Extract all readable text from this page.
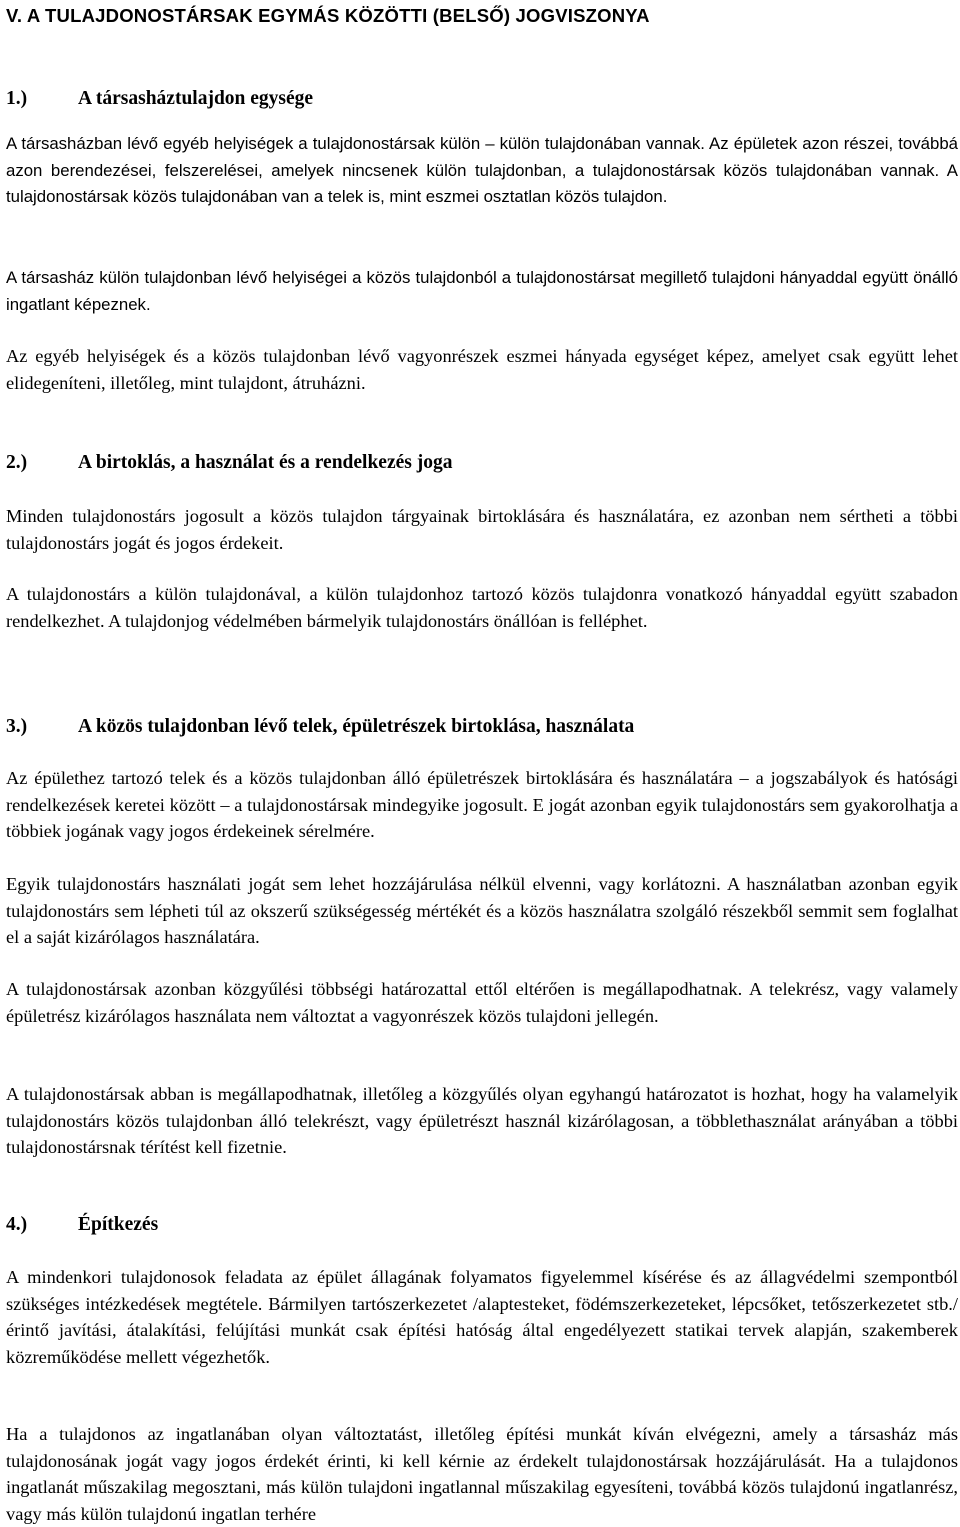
V. A TULAJDONOSTÁRSAK EGYMÁS KÖZÖTTI (BELSŐ) JOGVISZONYA
1.)	A társasháztulajdon egysége

A társasházban lévő egyéb helyiségek a tulajdonostársak külön – külön tulajdonában vannak. Az épületek azon részei, továbbá azon berendezései, felszerelései, amelyek nincsenek külön tulajdonban, a tulajdonostársak közös tulajdonában vannak. A tulajdonostársak közös tulajdonában van a telek is, mint eszmei osztatlan közös tulajdon.

A társasház külön tulajdonban lévő helyiségei a közös tulajdonból a tulajdonostársat megillető tulajdoni hányaddal együtt önálló ingatlant képeznek.

Az egyéb helyiségek és a közös tulajdonban lévő vagyonrészek eszmei hányada egységet képez, amelyet csak együtt lehet elidegeníteni, illetőleg, mint tulajdont, átruházni.

2.)	A birtoklás, a használat és a rendelkezés joga

Minden tulajdonostárs jogosult a közös tulajdon tárgyainak birtoklására és használatára, ez azonban nem sértheti a többi tulajdonostárs jogát és jogos érdekeit.

A tulajdonostárs a külön tulajdonával, a külön tulajdonhoz tartozó közös tulajdonra vonatkozó hányaddal együtt szabadon rendelkezhet. A tulajdonjog védelmében bármelyik tulajdonostárs önállóan is felléphet.

3.)	A közös tulajdonban lévő telek, épületrészek birtoklása, használata

Az épülethez tartozó telek és a közös tulajdonban álló épületrészek birtoklására és használatára – a jogszabályok és hatósági rendelkezések keretei között – a tulajdonostársak mindegyike jogosult. E jogát azonban egyik tulajdonostárs sem gyakorolhatja a többiek jogának vagy jogos érdekeinek sérelmére.

Egyik tulajdonostárs használati jogát sem lehet hozzájárulása nélkül elvenni, vagy korlátozni. A használatban azonban egyik tulajdonostárs sem lépheti túl az okszerű szükségesség mértékét és a közös használatra szolgáló részekből semmit sem foglalhat el a saját kizárólagos használatára.

A tulajdonostársak azonban közgyűlési többségi határozattal ettől eltérően is megállapodhatnak. A telekrész, vagy valamely épületrész kizárólagos használata nem változtat a vagyonrészek közös tulajdoni jellegén.

A tulajdonostársak abban is megállapodhatnak, illetőleg a közgyűlés olyan egyhangú határozatot is hozhat, hogy ha valamelyik tulajdonostárs közös tulajdonban álló telekrészt, vagy épületrészt használ kizárólagosan, a többlethasználat arányában a többi tulajdonostársnak térítést kell fizetnie.

4.)	Építkezés

A mindenkori tulajdonosok feladata az épület állagának folyamatos figyelemmel kísérése és az állagvédelmi szempontból szükséges intézkedések megtétele. Bármilyen tartószerkezetet /alaptesteket, födémszerkezeteket, lépcsőket, tetőszerkezetet stb./ érintő javítási, átalakítási, felújítási munkát csak építési hatóság által engedélyezett statikai tervek alapján, szakemberek közreműködése mellett végezhetők.

Ha a tulajdonos az ingatlanában olyan változtatást, illetőleg építési munkát kíván elvégezni, amely a társasház más tulajdonosának jogát vagy jogos érdekét érinti, ki kell kérnie az érdekelt tulajdonostársak hozzájárulását. Ha a tulajdonos ingatlanát műszakilag megosztani, más külön tulajdoni ingatlannal műszakilag egyesíteni, továbbá közös tulajdonú ingatlanrész, vagy más külön tulajdonú ingatlan terhére
